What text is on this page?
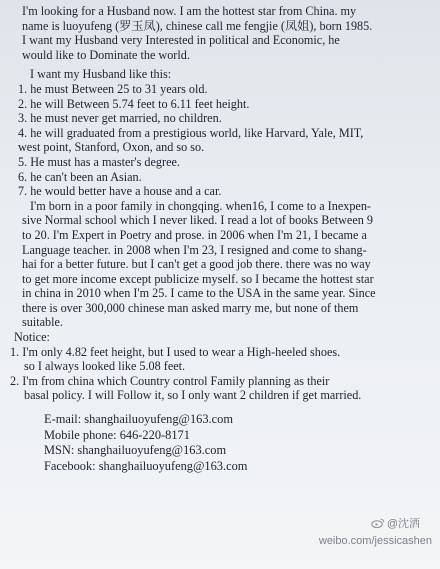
I'm looking for a Husband now. I am the hottest star from China. my
name is luoyufeng (罗玉凤), chinese call me fengjie (凤姐), born 1985.
I want my Husband very Interested in political and Economic, he
would like to Dominate the world.
I want my Husband like this:
1. he must Between 25 to 31 years old.
2. he will Between 5.74 feet to 6.11 feet height.
3. he must never get married, no children.
4. he will graduated from a prestigious world, like Harvard, Yale, MIT,
west point, Stanford, Oxon, and so so.
5. He must has a master's degree.
6. he can't been an Asian.
7. he would better have a house and a car.
I'm born in a poor family in chongqing. when16, I come to a Inexpen-
sive Normal school which I never liked. I read a lot of books Between 9
to 20. I'm Expert in Poetry and prose. in 2006 when I'm 21, I became a
Language teacher. in 2008 when I'm 23, I resigned and come to shang-
hai for a better future. but I can't get a good job there. there was no way
to get more income except publicize myself. so I became the hottest star
in china in 2010 when I'm 25. I came to the USA in the same year. Since
there is over 300,000 chinese man asked marry me, but none of them
suitable.
Notice:
1. I'm only 4.82 feet height, but I used to wear a High-heeled shoes.
so I always looked like 5.08 feet.
2. I'm from china which Country control Family planning as their
basal policy. I will Follow it, so I only want 2 children if get married.
E-mail: shanghailuoyufeng@163.com
Mobile phone: 646-220-8171
MSN: shanghailuoyufeng@163.com
Facebook: shanghailuoyufeng@163.com
@沈洒
weibo.com/jessicashen
